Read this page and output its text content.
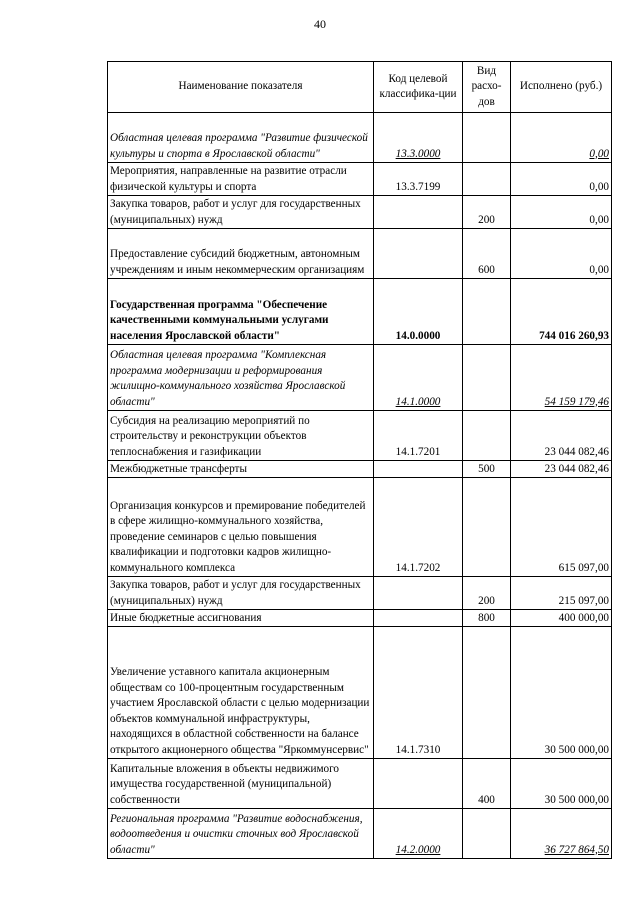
40
Наименование показателя	Код целевой классифика-ции	Вид расхо-дов	Исполнено (руб.)
Областная целевая программа "Развитие физической культуры и спорта в Ярославской области"	13.3.0000		0,00
Мероприятия, направленные на развитие отрасли физической культуры и спорта	13.3.7199		0,00
Закупка товаров, работ и услуг для государственных (муниципальных) нужд		200	0,00
Предоставление субсидий бюджетным, автономным учреждениям и иным некоммерческим организациям		600	0,00
Государственная программа "Обеспечение качественными коммунальными услугами населения Ярославской области"	14.0.0000		744 016 260,93
Областная целевая программа "Комплексная программа модернизации и реформирования жилищно-коммунального хозяйства Ярославской области"	14.1.0000		54 159 179,46
Субсидия на реализацию мероприятий по строительству и реконструкции объектов теплоснабжения и газификации	14.1.7201		23 044 082,46
Межбюджетные трансферты		500	23 044 082,46
Организация конкурсов и премирование победителей в сфере жилищно-коммунального хозяйства, проведение семинаров с целью повышения квалификации и подготовки кадров жилищно-коммунального комплекса	14.1.7202		615 097,00
Закупка товаров, работ и услуг для государственных (муниципальных) нужд		200	215 097,00
Иные бюджетные ассигнования		800	400 000,00
Увеличение уставного капитала акционерным обществам со 100-процентным государственным участием Ярославской области с целью модернизации объектов коммунальной инфраструктуры, находящихся в областной собственности на балансе открытого акционерного общества "Яркоммунсервис"	14.1.7310		30 500 000,00
Капитальные вложения в объекты недвижимого имущества государственной (муниципальной) собственности		400	30 500 000,00
Региональная программа "Развитие водоснабжения, водоотведения и очистки сточных вод Ярославской области"	14.2.0000		36 727 864,50
